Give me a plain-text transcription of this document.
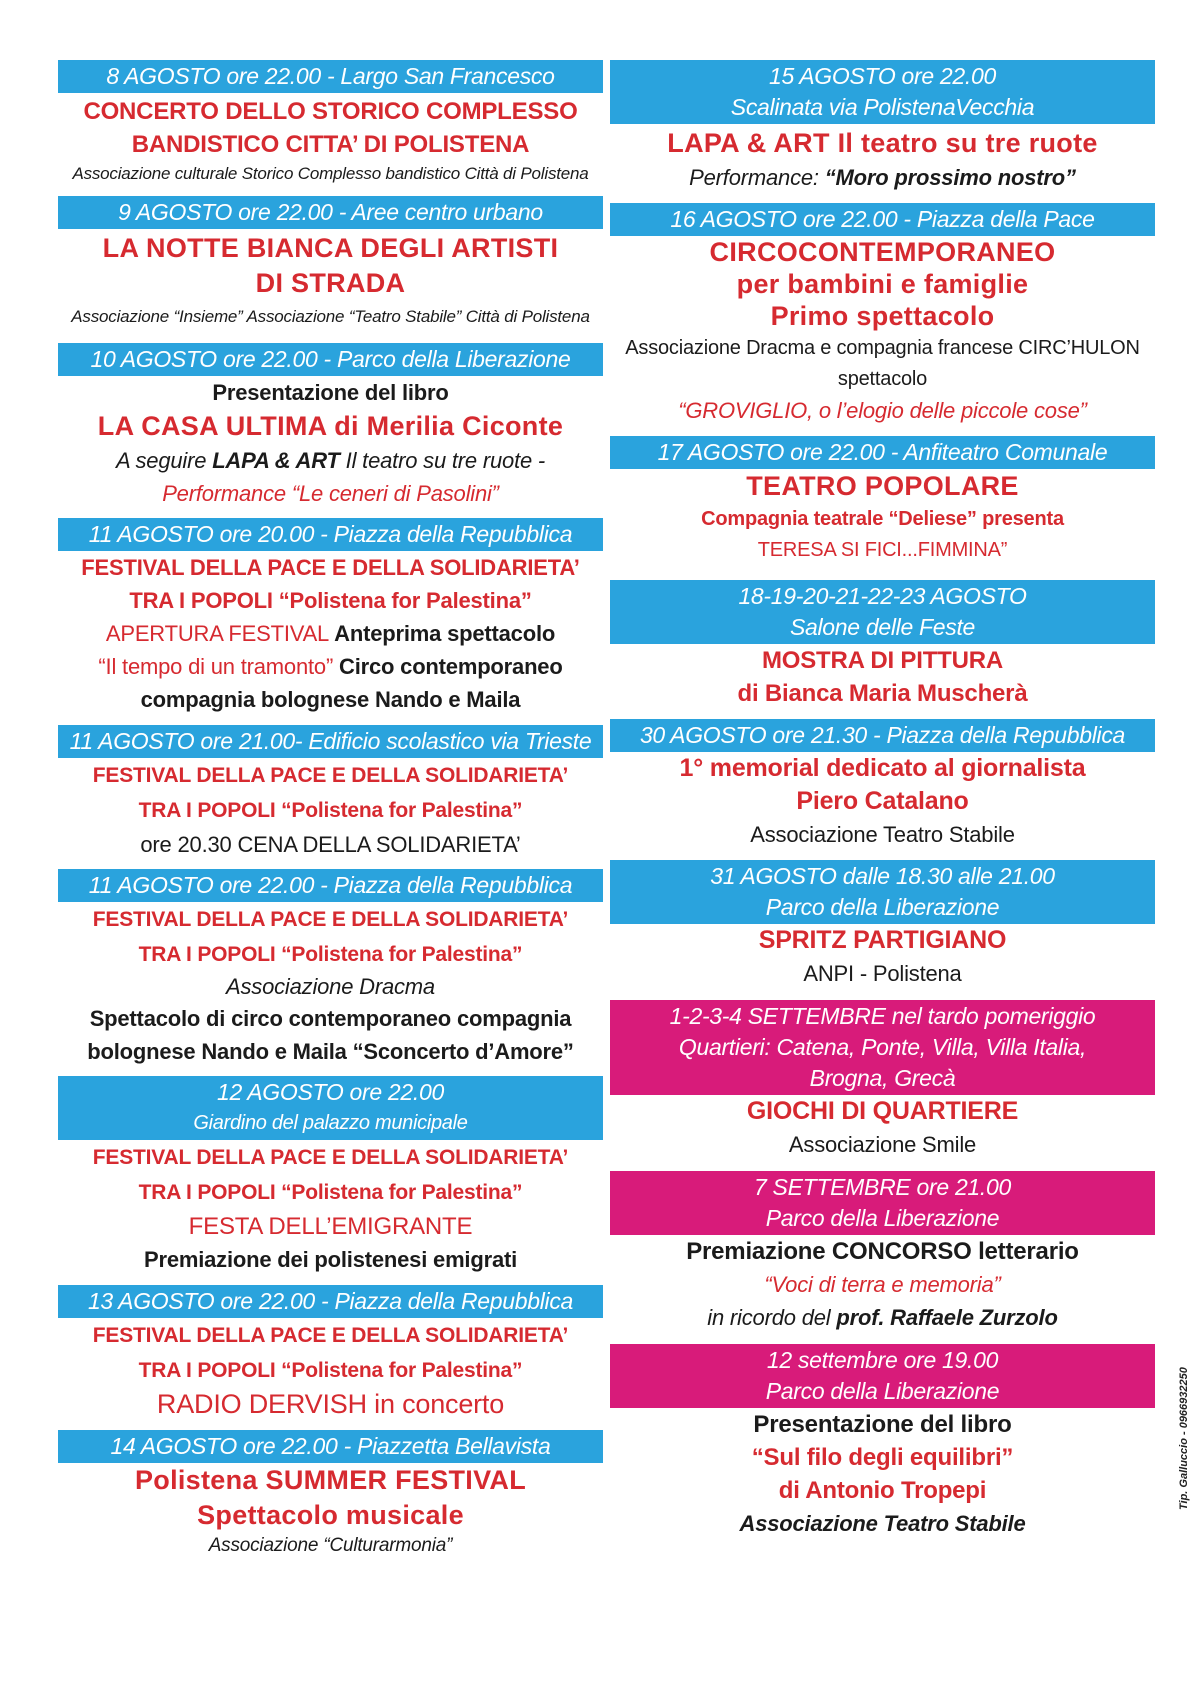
8 AGOSTO ore 22.00 - Largo San Francesco

CONCERTO DELLO STORICO COMPLESSO

BANDISTICO CITTA’ DI POLISTENA

Associazione culturale Storico Complesso bandistico Città di Polistena

9 AGOSTO ore 22.00 - Aree centro urbano

LA NOTTE BIANCA DEGLI ARTISTI

DI STRADA

Associazione “Insieme” Associazione “Teatro Stabile” Città di Polistena

10 AGOSTO ore 22.00 - Parco della Liberazione

Presentazione del libro

LA CASA ULTIMA di Merilia Ciconte

A seguire LAPA & ART Il teatro su tre ruote -

Performance “Le ceneri di Pasolini”

11 AGOSTO ore 20.00 - Piazza della Repubblica

FESTIVAL DELLA PACE E DELLA SOLIDARIETA’

TRA I POPOLI “Polistena for Palestina”

APERTURA FESTIVAL Anteprima spettacolo

“Il tempo di un tramonto” Circo contemporaneo

compagnia bolognese Nando e Maila

11 AGOSTO ore 21.00- Edificio scolastico via Trieste

FESTIVAL DELLA PACE E DELLA SOLIDARIETA’

TRA I POPOLI “Polistena for Palestina”

ore 20.30 CENA DELLA SOLIDARIETA’

11 AGOSTO ore 22.00 - Piazza della Repubblica

FESTIVAL DELLA PACE E DELLA SOLIDARIETA’

TRA I POPOLI “Polistena for Palestina”

Associazione Dracma

Spettacolo di circo contemporaneo compagnia

bolognese Nando e Maila “Sconcerto d’Amore”

12 AGOSTO ore 22.00
Giardino del palazzo municipale

FESTIVAL DELLA PACE E DELLA SOLIDARIETA’

TRA I POPOLI “Polistena for Palestina”

FESTA DELL’EMIGRANTE

Premiazione dei polistenesi emigrati

13 AGOSTO ore 22.00 - Piazza della Repubblica

FESTIVAL DELLA PACE E DELLA SOLIDARIETA’

TRA I POPOLI “Polistena for Palestina”

RADIO DERVISH in concerto

14 AGOSTO ore 22.00 - Piazzetta Bellavista

Polistena SUMMER FESTIVAL

Spettacolo musicale

Associazione “Culturarmonia”

15 AGOSTO ore 22.00
Scalinata via PolistenaVecchia

LAPA & ART Il teatro su tre ruote

Performance: “Moro prossimo nostro”

16 AGOSTO ore 22.00 - Piazza della Pace

CIRCOCONTEMPORANEO

per bambini e famiglie

Primo spettacolo

Associazione Dracma e compagnia francese CIRC’HULON

spettacolo

“GROVIGLIO, o l’elogio delle piccole cose”

17 AGOSTO ore 22.00 - Anfiteatro Comunale

TEATRO POPOLARE

Compagnia teatrale “Deliese” presenta

TERESA SI FICI...FIMMINA”

18-19-20-21-22-23 AGOSTO
Salone delle Feste

MOSTRA DI PITTURA

di Bianca Maria Muscherà

30 AGOSTO ore 21.30 - Piazza della Repubblica

1° memorial dedicato al giornalista

Piero Catalano

Associazione Teatro Stabile

31 AGOSTO dalle 18.30 alle 21.00
Parco della Liberazione

SPRITZ PARTIGIANO

ANPI - Polistena

1-2-3-4 SETTEMBRE nel tardo pomeriggio
Quartieri: Catena, Ponte, Villa, Villa Italia,
Brogna, Grecà

GIOCHI DI QUARTIERE

Associazione Smile

7 SETTEMBRE ore 21.00
Parco della Liberazione

Premiazione CONCORSO letterario

“Voci di terra e memoria”

in ricordo del prof. Raffaele Zurzolo

12 settembre ore 19.00
Parco della Liberazione

Presentazione del libro

“Sul filo degli equilibri”

di Antonio Tropepi

Associazione Teatro Stabile

Tip. Galluccio - 0966932250
